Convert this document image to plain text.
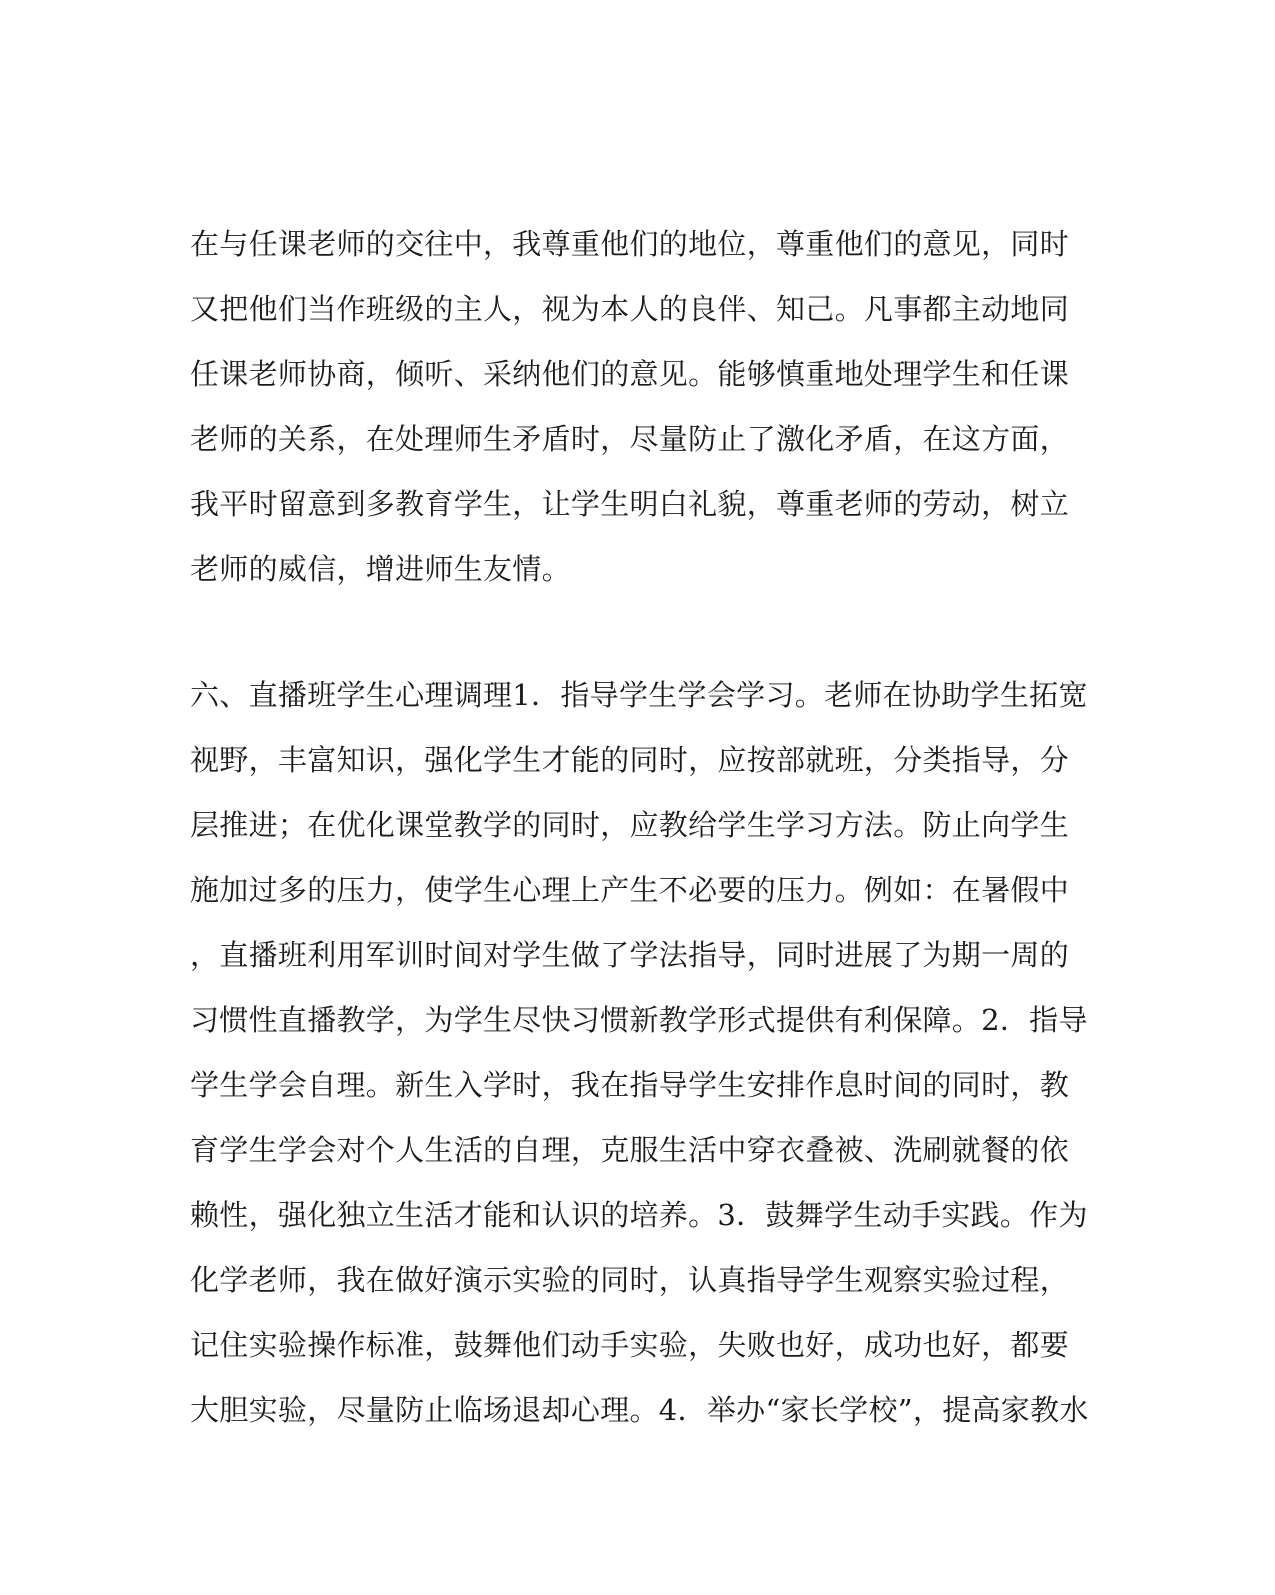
在与任课老师的交往中，我尊重他们的地位，尊重他们的意见，同时
又把他们当作班级的主人，视为本人的良伴、知己。凡事都主动地同
任课老师协商，倾听、采纳他们的意见。能够慎重地处理学生和任课
老师的关系，在处理师生矛盾时，尽量防止了激化矛盾，在这方面，
我平时留意到多教育学生，让学生明白礼貌，尊重老师的劳动，树立
老师的威信，增进师生友情。
六、直播班学生心理调理1．指导学生学会学习。老师在协助学生拓宽
视野，丰富知识，强化学生才能的同时，应按部就班，分类指导，分
层推进；在优化课堂教学的同时，应教给学生学习方法。防止向学生
施加过多的压力，使学生心理上产生不必要的压力。例如：在暑假中
，直播班利用军训时间对学生做了学法指导，同时进展了为期一周的
习惯性直播教学，为学生尽快习惯新教学形式提供有利保障。2．指导
学生学会自理。新生入学时，我在指导学生安排作息时间的同时，教
育学生学会对个人生活的自理，克服生活中穿衣叠被、洗刷就餐的依
赖性，强化独立生活才能和认识的培养。3．鼓舞学生动手实践。作为
化学老师，我在做好演示实验的同时，认真指导学生观察实验过程，
记住实验操作标准，鼓舞他们动手实验，失败也好，成功也好，都要
大胆实验，尽量防止临场退却心理。4．举办“家长学校”，提高家教水
